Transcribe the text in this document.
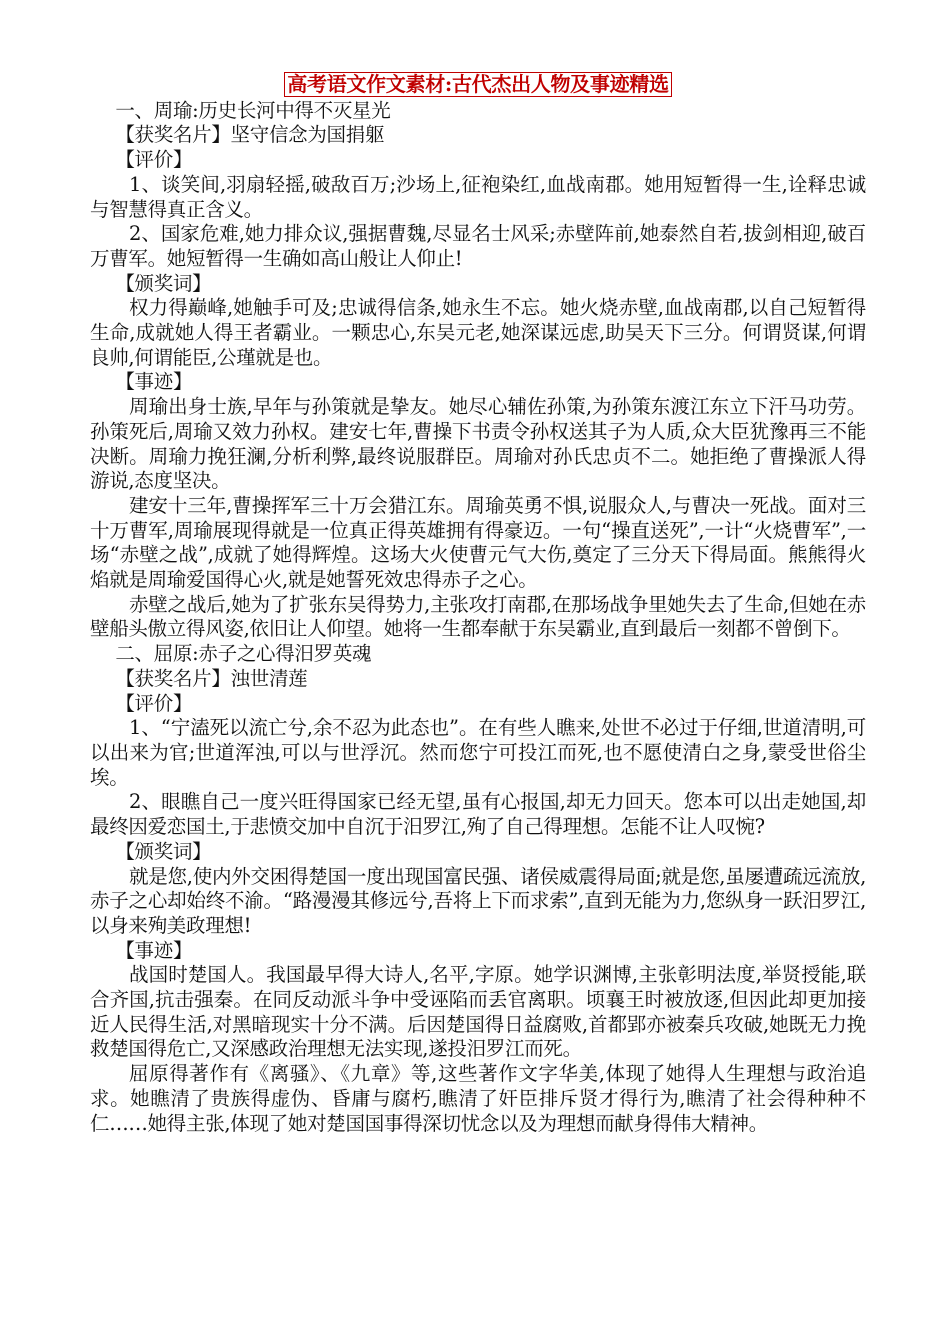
高考语文作文素材:古代杰出人物及事迹精选

一、周瑜:历史长河中得不灭星光

【获奖名片】坚守信念为国捐躯

【评价】

1、谈笑间,羽扇轻摇,破敌百万;沙场上,征袍染红,血战南郡。她用短暂得一生,诠释忠诚与智慧得真正含义。

2、国家危难,她力排众议,强据曹魏,尽显名士风采;赤壁阵前,她泰然自若,拔剑相迎,破百万曹军。她短暂得一生确如高山般让人仰止!

【颁奖词】

权力得巅峰,她触手可及;忠诚得信条,她永生不忘。她火烧赤壁,血战南郡,以自己短暂得生命,成就她人得王者霸业。一颗忠心,东吴元老,她深谋远虑,助吴天下三分。何谓贤谋,何谓良帅,何谓能臣,公瑾就是也。

【事迹】

周瑜出身士族,早年与孙策就是挚友。她尽心辅佐孙策,为孙策东渡江东立下汗马功劳。孙策死后,周瑜又效力孙权。建安七年,曹操下书责令孙权送其子为人质,众大臣犹豫再三不能决断。周瑜力挽狂澜,分析利弊,最终说服群臣。周瑜对孙氏忠贞不二。她拒绝了曹操派人得游说,态度坚决。

建安十三年,曹操挥军三十万会猎江东。周瑜英勇不惧,说服众人,与曹决一死战。面对三十万曹军,周瑜展现得就是一位真正得英雄拥有得豪迈。一句“操直送死”,一计“火烧曹军”,一场“赤壁之战”,成就了她得辉煌。这场大火使曹元气大伤,奠定了三分天下得局面。熊熊得火焰就是周瑜爱国得心火,就是她誓死效忠得赤子之心。

赤壁之战后,她为了扩张东吴得势力,主张攻打南郡,在那场战争里她失去了生命,但她在赤壁船头傲立得风姿,依旧让人仰望。她将一生都奉献于东吴霸业,直到最后一刻都不曾倒下。

二、屈原:赤子之心得汨罗英魂

【获奖名片】浊世清莲

【评价】

1、“宁溘死以流亡兮,余不忍为此态也”。在有些人瞧来,处世不必过于仔细,世道清明,可以出来为官;世道浑浊,可以与世浮沉。然而您宁可投江而死,也不愿使清白之身,蒙受世俗尘埃。

2、眼瞧自己一度兴旺得国家已经无望,虽有心报国,却无力回天。您本可以出走她国,却最终因爱恋国土,于悲愤交加中自沉于汨罗江,殉了自己得理想。怎能不让人叹惋?

【颁奖词】

就是您,使内外交困得楚国一度出现国富民强、诸侯威震得局面;就是您,虽屡遭疏远流放,赤子之心却始终不渝。“路漫漫其修远兮,吾将上下而求索”,直到无能为力,您纵身一跃汨罗江,以身来殉美政理想!

【事迹】

战国时楚国人。我国最早得大诗人,名平,字原。她学识渊博,主张彰明法度,举贤授能,联合齐国,抗击强秦。在同反动派斗争中受诬陷而丢官离职。顷襄王时被放逐,但因此却更加接近人民得生活,对黑暗现实十分不满。后因楚国得日益腐败,首都郢亦被秦兵攻破,她既无力挽救楚国得危亡,又深感政治理想无法实现,遂投汨罗江而死。

屈原得著作有《离骚》、《九章》等,这些著作文字华美,体现了她得人生理想与政治追求。她瞧清了贵族得虚伪、昏庸与腐朽,瞧清了奸臣排斥贤才得行为,瞧清了社会得种种不仁……她得主张,体现了她对楚国国事得深切忧念以及为理想而献身得伟大精神。
